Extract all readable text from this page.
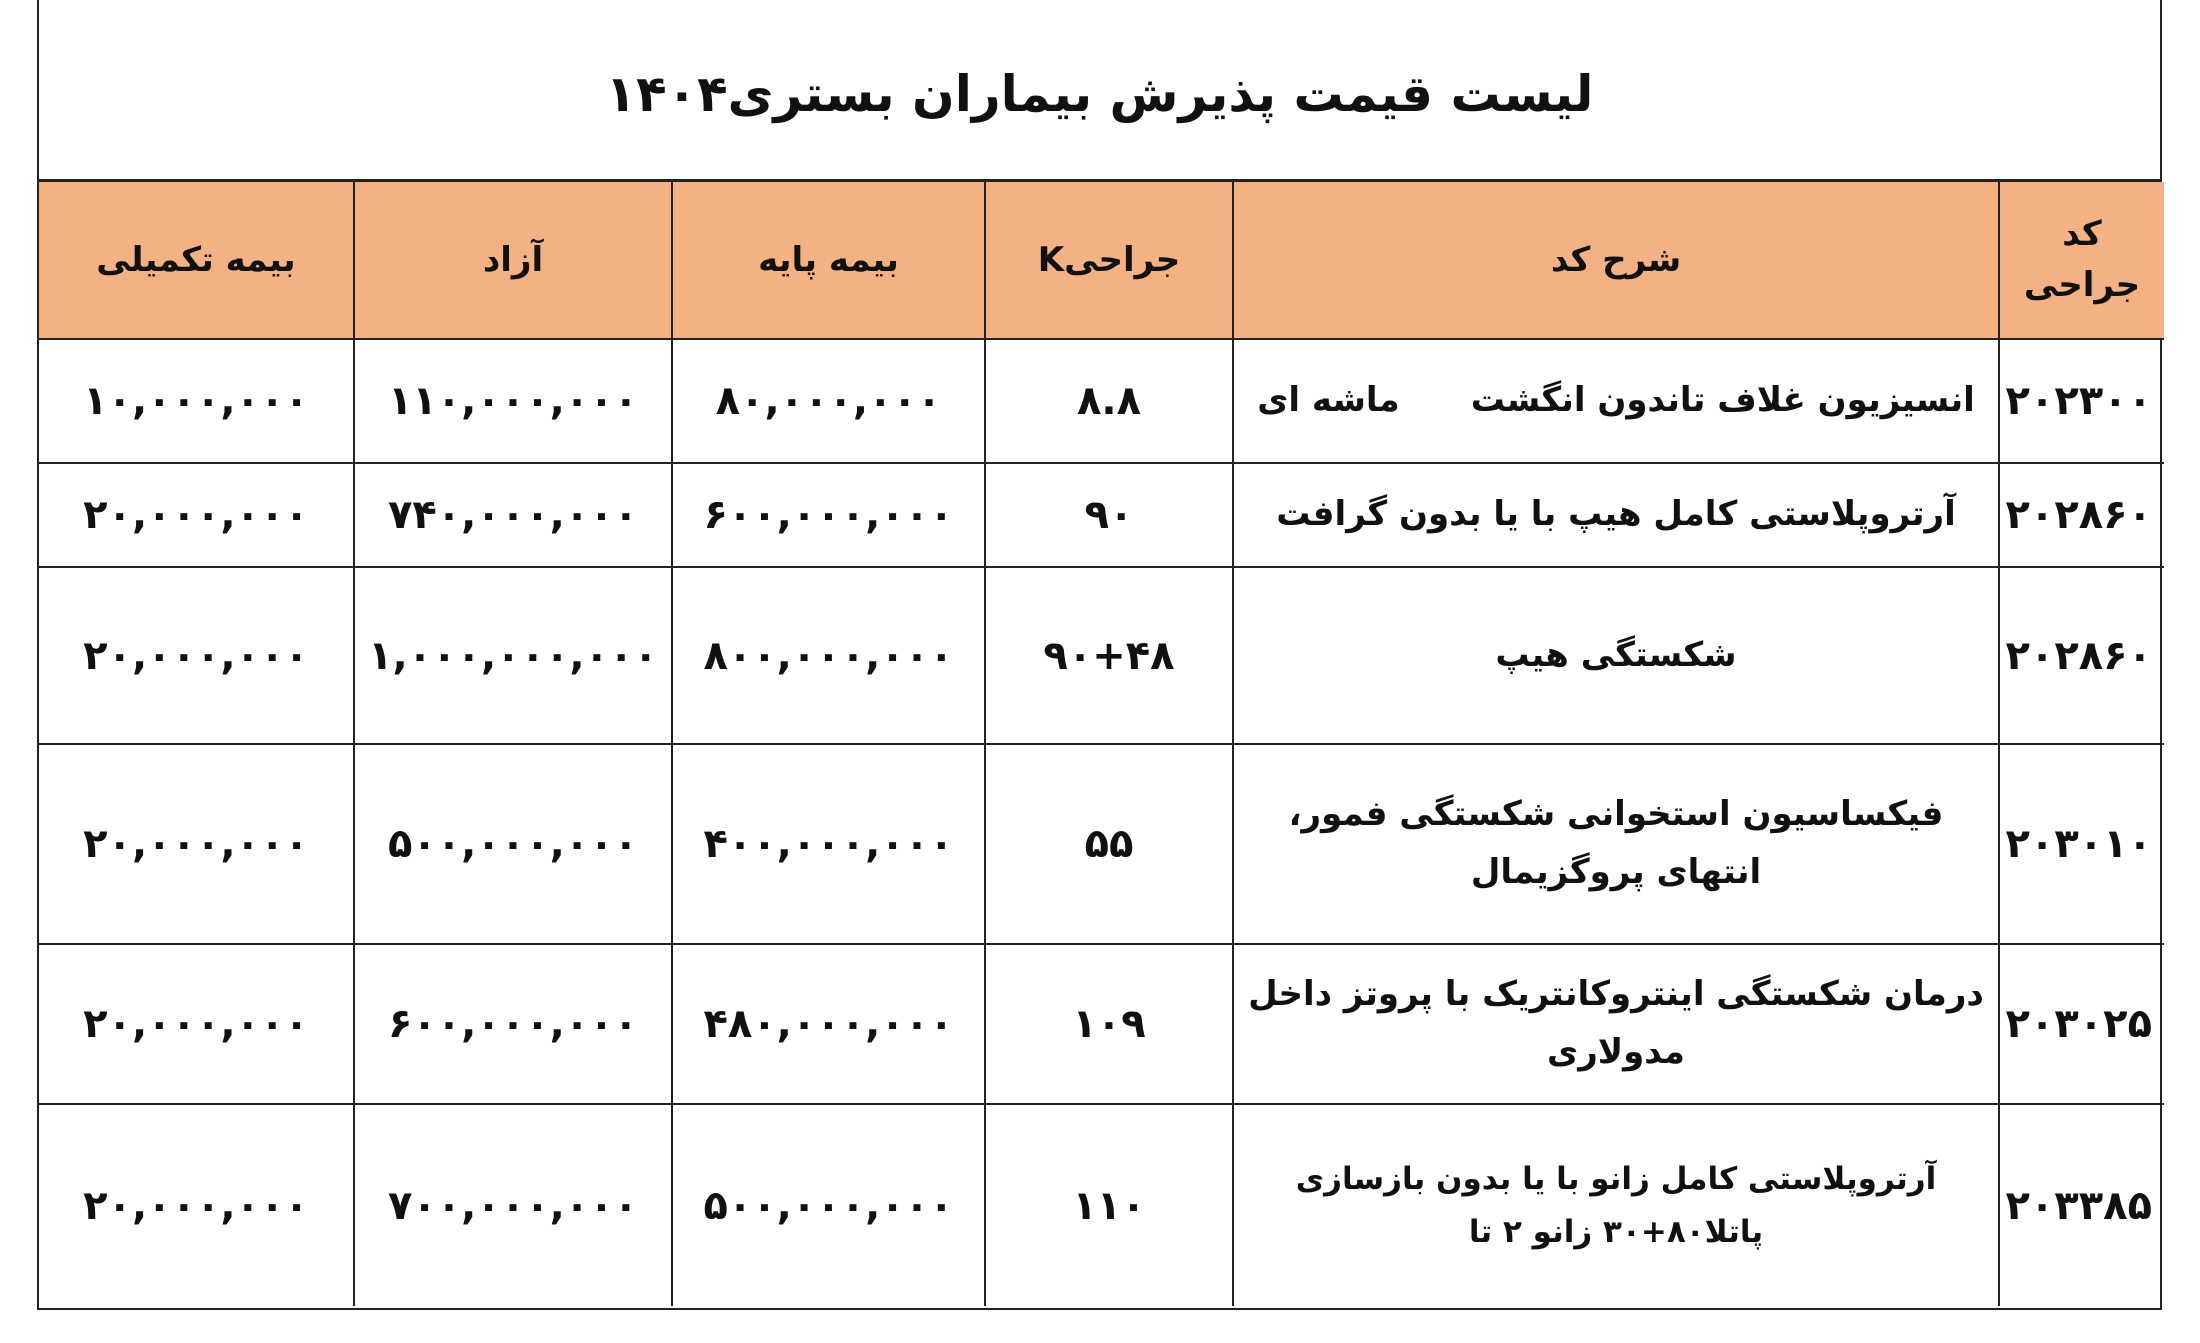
لیست قیمت پذیرش بیماران بستری۱۴۰۴
کد جراحی	شرح کد	جراحیK	بیمه پایه	آزاد	بیمه تکمیلی
۲۰۲۳۰۰	انسیزیون غلاف تاندون انگشت      ماشه ای	۸.۸	۸۰,۰۰۰,۰۰۰	۱۱۰,۰۰۰,۰۰۰	۱۰,۰۰۰,۰۰۰
۲۰۲۸۶۰	آرتروپلاستی کامل هیپ با یا بدون گرافت	۹۰	۶۰۰,۰۰۰,۰۰۰	۷۴۰,۰۰۰,۰۰۰	۲۰,۰۰۰,۰۰۰
۲۰۲۸۶۰	شکستگی هیپ	۹۰+۴۸	۸۰۰,۰۰۰,۰۰۰	۱,۰۰۰,۰۰۰,۰۰۰	۲۰,۰۰۰,۰۰۰
۲۰۳۰۱۰	فیکساسیون استخوانی شکستگی فمور، انتهای پروگزیمال	۵۵	۴۰۰,۰۰۰,۰۰۰	۵۰۰,۰۰۰,۰۰۰	۲۰,۰۰۰,۰۰۰
۲۰۳۰۲۵	درمان شکستگی اینتروکانتریک با پروتز داخل مدولاری	۱۰۹	۴۸۰,۰۰۰,۰۰۰	۶۰۰,۰۰۰,۰۰۰	۲۰,۰۰۰,۰۰۰
۲۰۳۳۸۵	آرتروپلاستی کامل زانو با یا بدون بازسازی پاتلا۸۰+۳۰ زانو ۲ تا	۱۱۰	۵۰۰,۰۰۰,۰۰۰	۷۰۰,۰۰۰,۰۰۰	۲۰,۰۰۰,۰۰۰
